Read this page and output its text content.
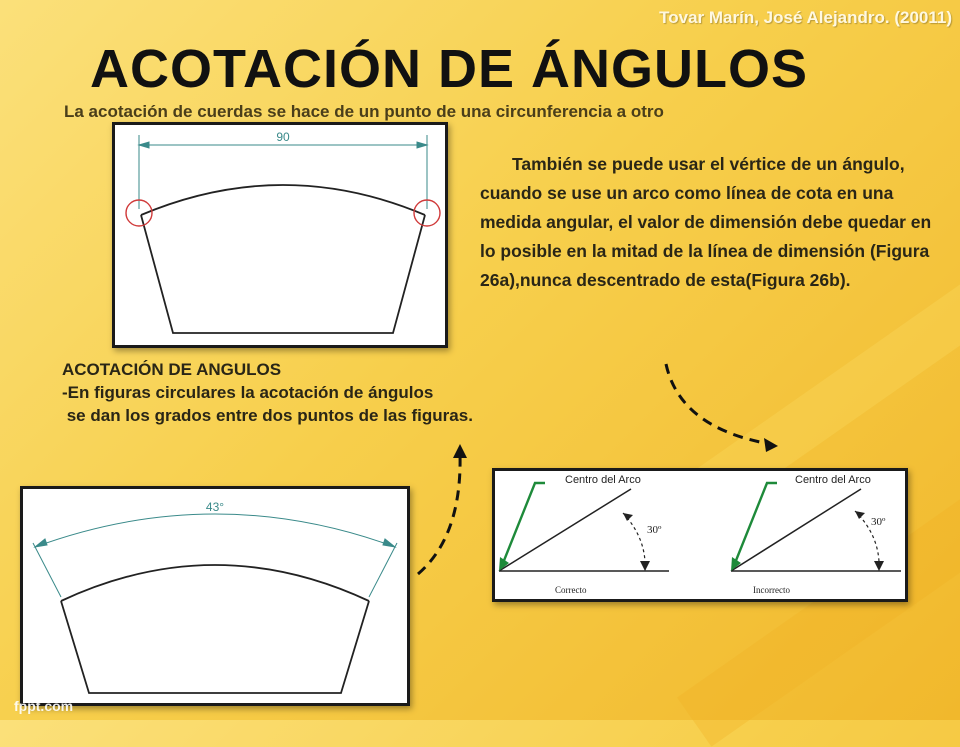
Tovar Marín, José Alejandro. (20011)
ACOTACIÓN DE ÁNGULOS

La acotación de cuerdas se hace de un punto de una circunferencia a otro

90

También se puede usar el vértice de un ángulo, cuando se use un arco como línea de cota en una medida angular, el valor de dimensión debe quedar en lo posible en la mitad de la línea de dimensión (Figura 26a),nunca descentrado de esta(Figura 26b).

ACOTACIÓN DE ANGULOS
-En figuras circulares la acotación de ángulos
se dan los grados entre dos puntos de las figuras.
43°
Centro del Arco
30º
Correcto
Centro del Arco
30º
Incorrecto
fppt.com
